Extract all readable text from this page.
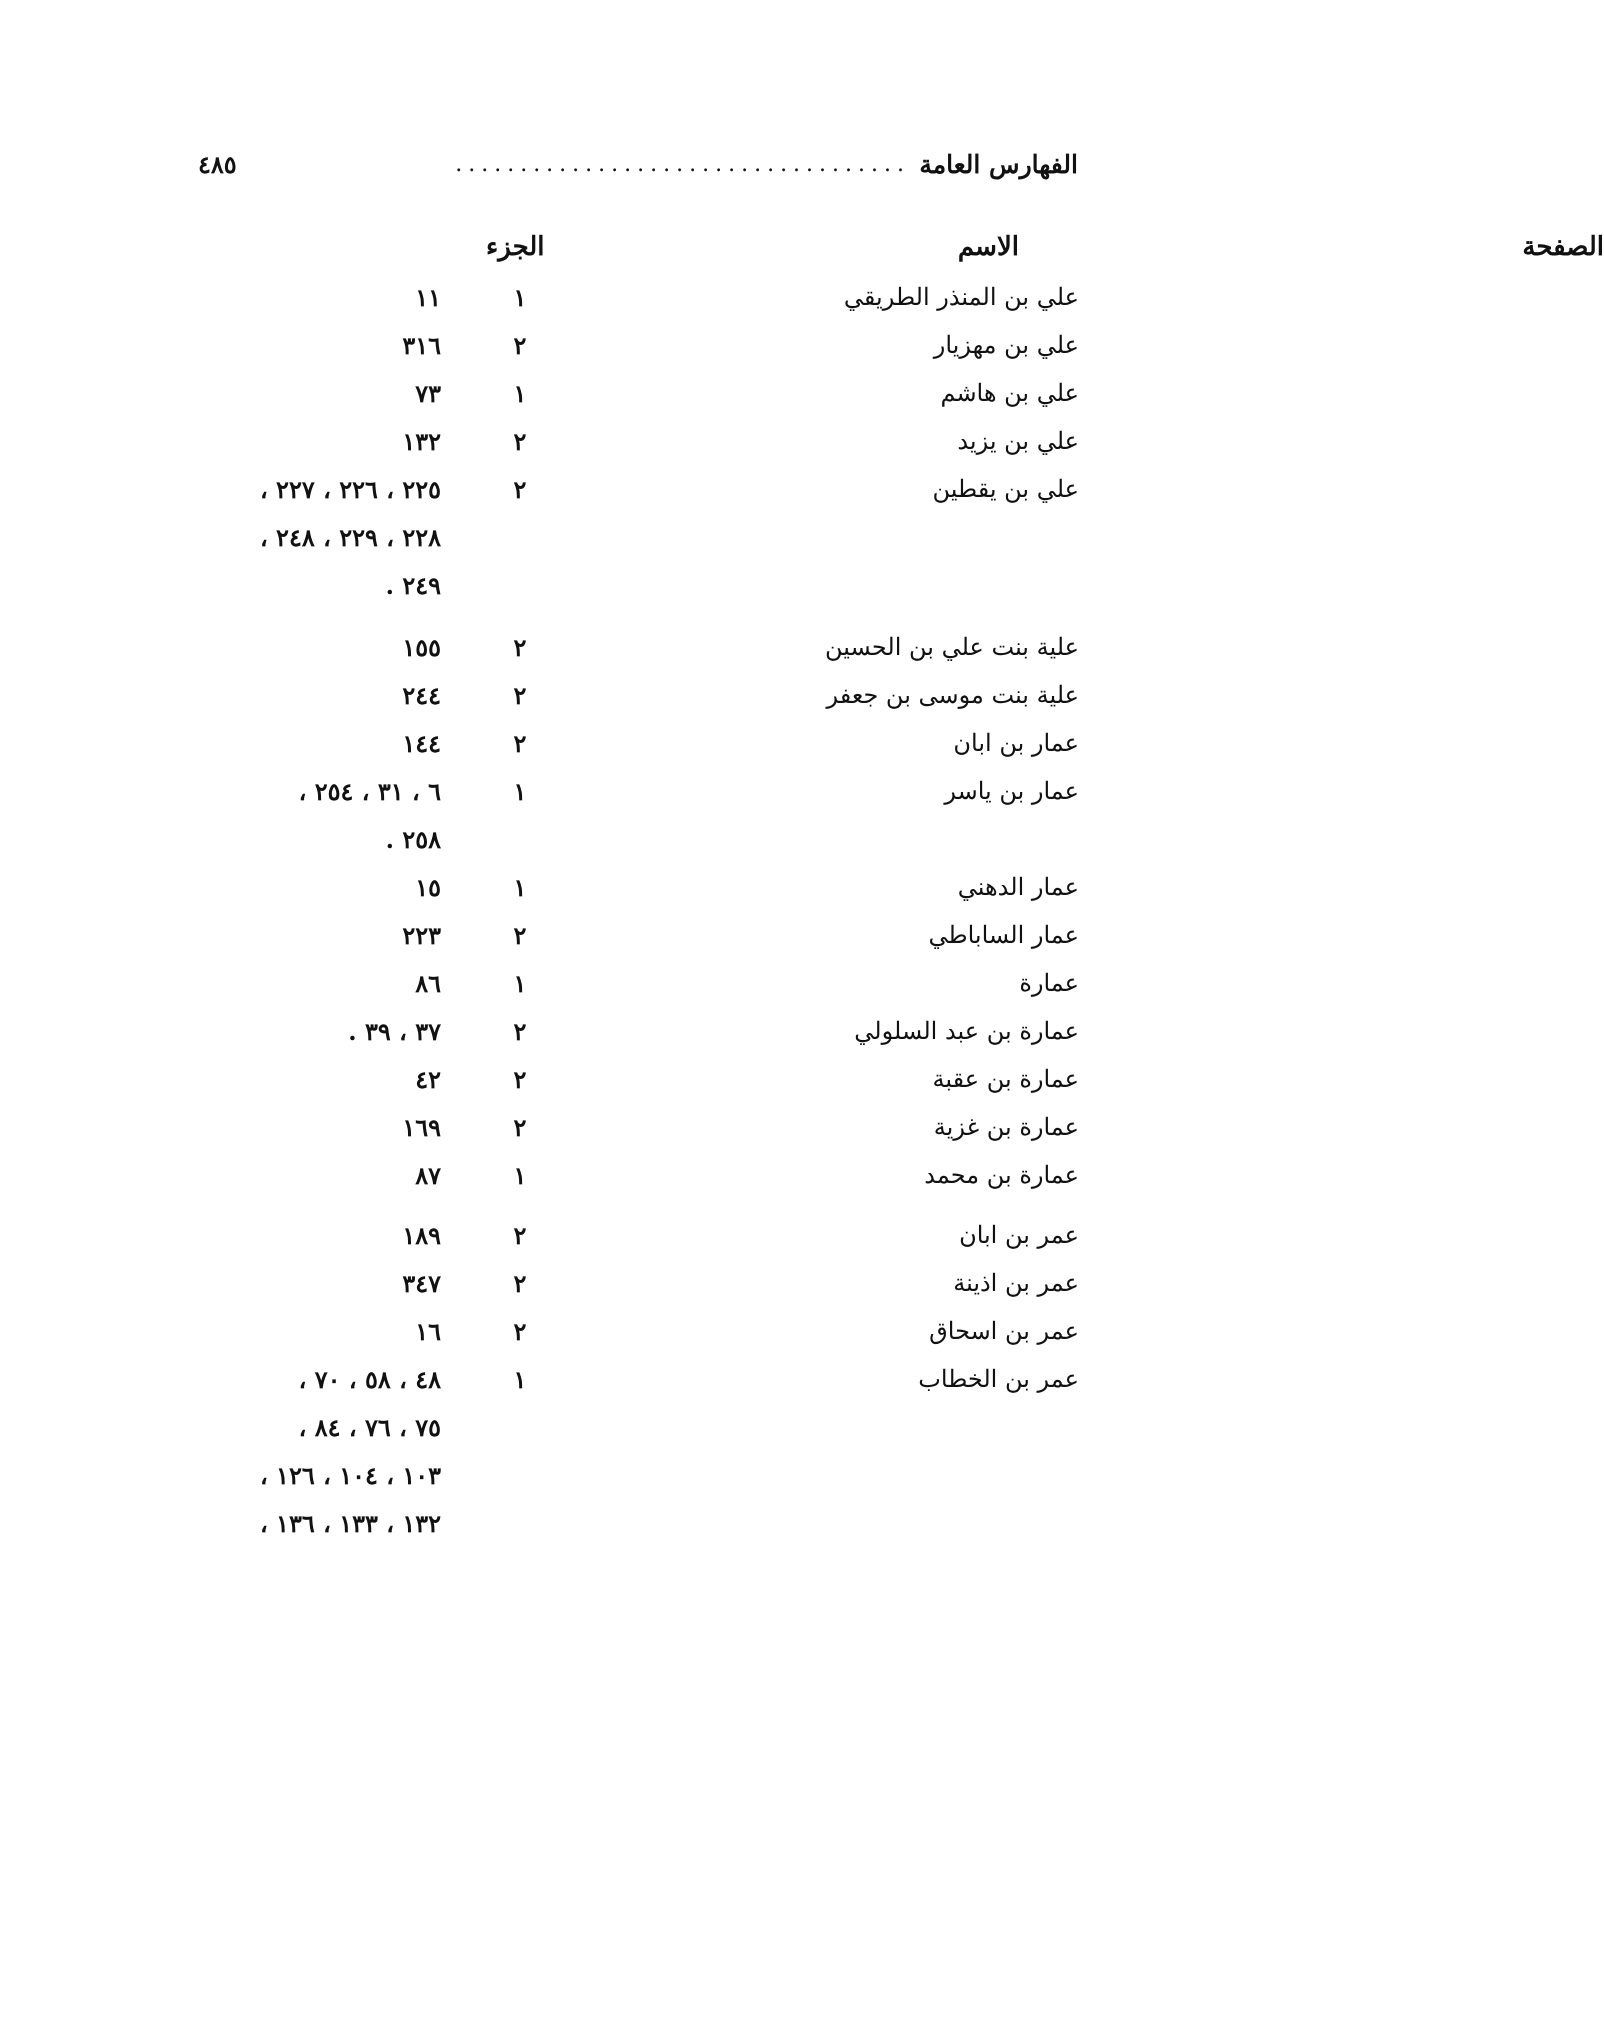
الفهارس العامة
...................................
٤٨٥
الاسم
الجزء	الصفحة
علي بن المنذر الطريقي
١
١١
علي بن مهزيار
٢
٣١٦
علي بن هاشم
١
٧٣
علي بن يزيد
٢
١٣٢
علي بن يقطين
٢
٢٢٥ ، ٢٢٦ ، ٢٢٧ ،
٢٢٨ ، ٢٢٩ ، ٢٤٨ ،
٢٤٩ .
علية بنت علي بن الحسين
٢
١٥٥
علية بنت موسى بن جعفر
٢
٢٤٤
عمار بن ابان
٢
١٤٤
عمار بن ياسر
١
٦ ، ٣١ ، ٢٥٤ ،
٢٥٨ .
عمار الدهني
١
١٥
عمار الساباطي
٢
٢٢٣
عمارة
١
٨٦
عمارة بن عبد السلولي
٢
٣٧ ، ٣٩ .
عمارة بن عقبة
٢
٤٢
عمارة بن غزية
٢
١٦٩
عمارة بن محمد
١
٨٧
عمر بن ابان
٢
١٨٩
عمر بن اذينة
٢
٣٤٧
عمر بن اسحاق
٢
١٦
عمر بن الخطاب
١
٤٨ ، ٥٨ ، ٧٠ ،
٧٥ ، ٧٦ ، ٨٤ ،
١٠٣ ، ١٠٤ ، ١٢٦ ،
١٣٢ ، ١٣٣ ، ١٣٦ ،
